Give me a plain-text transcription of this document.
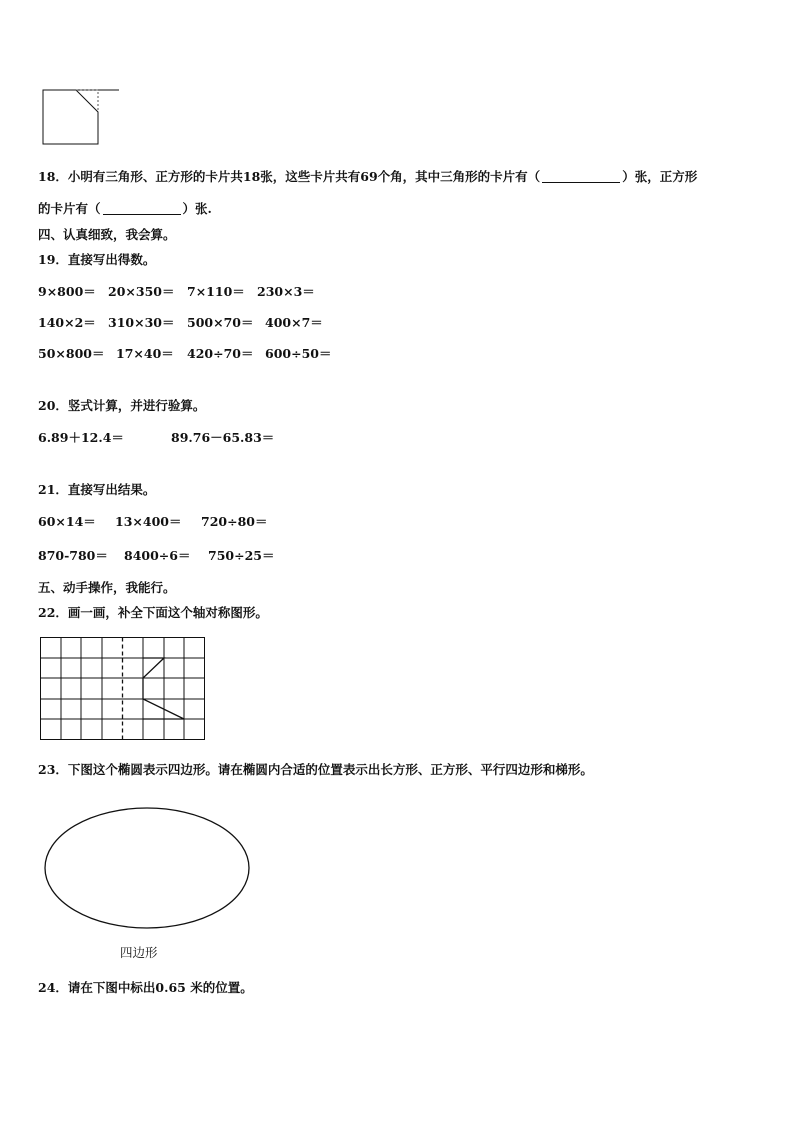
18．小明有三角形、正方形的卡片共18张，这些卡片共有69个角，其中三角形的卡片有（	）张，正方形
的卡片有（	）张.
四、认真细致，我会算。
19．直接写出得数。
9×800＝ 20×350＝ 7×110＝ 230×3＝
140×2＝ 310×30＝ 500×70＝ 400×7＝
50×800＝ 17×40＝ 420÷70＝ 600÷50＝
20．竖式计算，并进行验算。
6.89＋12.4＝	89.76－65.83＝
21．直接写出结果。
60×14＝ 13×400＝ 720÷80＝
870-780＝ 8400÷6＝ 750÷25＝
五、动手操作，我能行。
22．画一画，补全下面这个轴对称图形。
23．下图这个椭圆表示四边形。请在椭圆内合适的位置表示出长方形、正方形、平行四边形和梯形。
四边形
24．请在下图中标出0.65 米的位置。
